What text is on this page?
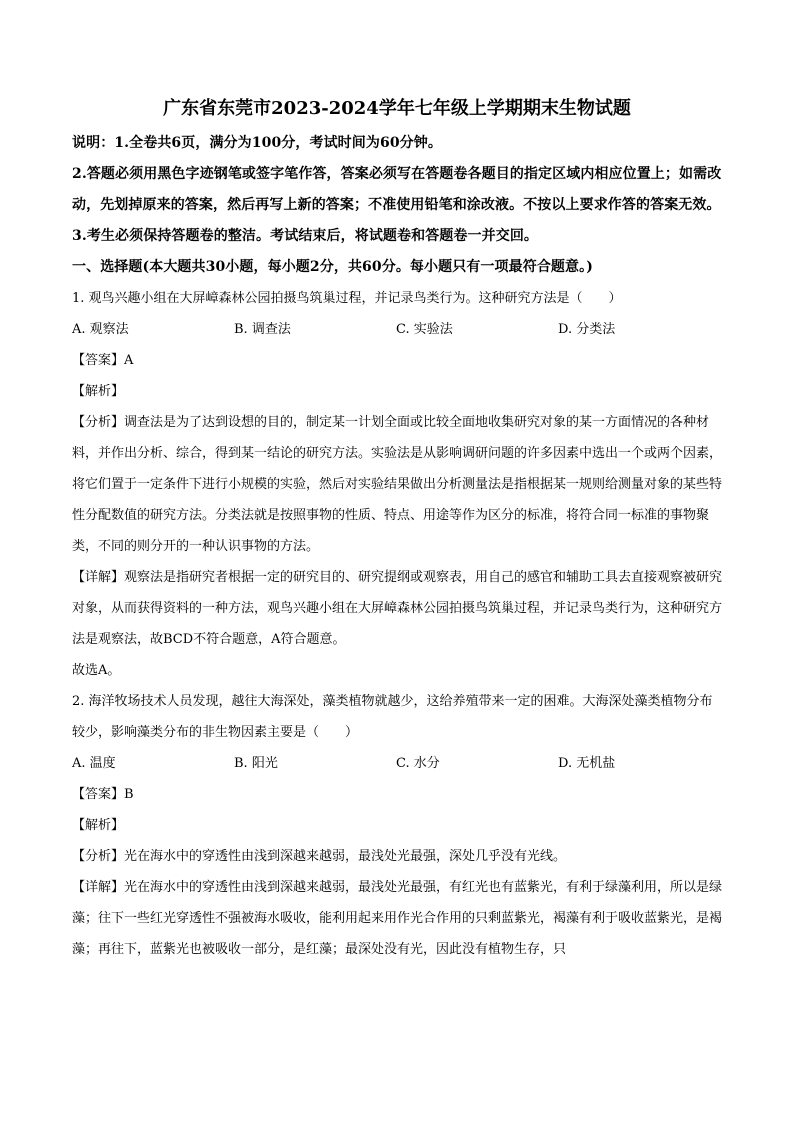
广东省东莞市2023-2024学年七年级上学期期末生物试题
说明：1.全卷共6页，满分为100分，考试时间为60分钟。
2.答题必须用黑色字迹钢笔或签字笔作答，答案必须写在答题卷各题目的指定区域内相应位置上；如需改动，先划掉原来的答案，然后再写上新的答案；不准使用铅笔和涂改液。不按以上要求作答的答案无效。
3.考生必须保持答题卷的整洁。考试结束后，将试题卷和答题卷一并交回。
一、选择题(本大题共30小题，每小题2分，共60分。每小题只有一项最符合题意。)
1. 观鸟兴趣小组在大屏嶂森林公园拍摄鸟筑巢过程，并记录鸟类行为。这种研究方法是（　　）
A. 观察法	B. 调查法	C. 实验法	D. 分类法
【答案】A
【解析】
【分析】调查法是为了达到设想的目的，制定某一计划全面或比较全面地收集研究对象的某一方面情况的各种材料，并作出分析、综合，得到某一结论的研究方法。实验法是从影响调研问题的许多因素中选出一个或两个因素，将它们置于一定条件下进行小规模的实验，然后对实验结果做出分析测量法是指根据某一规则给测量对象的某些特性分配数值的研究方法。分类法就是按照事物的性质、特点、用途等作为区分的标准，将符合同一标准的事物聚类，不同的则分开的一种认识事物的方法。
【详解】观察法是指研究者根据一定的研究目的、研究提纲或观察表，用自己的感官和辅助工具去直接观察被研究对象，从而获得资料的一种方法，观鸟兴趣小组在大屏嶂森林公园拍摄鸟筑巢过程，并记录鸟类行为，这种研究方法是观察法，故BCD不符合题意，A符合题意。
故选A。
2. 海洋牧场技术人员发现，越往大海深处，藻类植物就越少，这给养殖带来一定的困难。大海深处藻类植物分布较少，影响藻类分布的非生物因素主要是（　　）
A. 温度	B. 阳光	C. 水分	D. 无机盐
【答案】B
【解析】
【分析】光在海水中的穿透性由浅到深越来越弱，最浅处光最强，深处几乎没有光线。
【详解】光在海水中的穿透性由浅到深越来越弱，最浅处光最强，有红光也有蓝紫光，有利于绿藻利用，所以是绿藻；往下一些红光穿透性不强被海水吸收，能利用起来用作光合作用的只剩蓝紫光，褐藻有利于吸收蓝紫光，是褐藻；再往下，蓝紫光也被吸收一部分，是红藻；最深处没有光，因此没有植物生存，只
